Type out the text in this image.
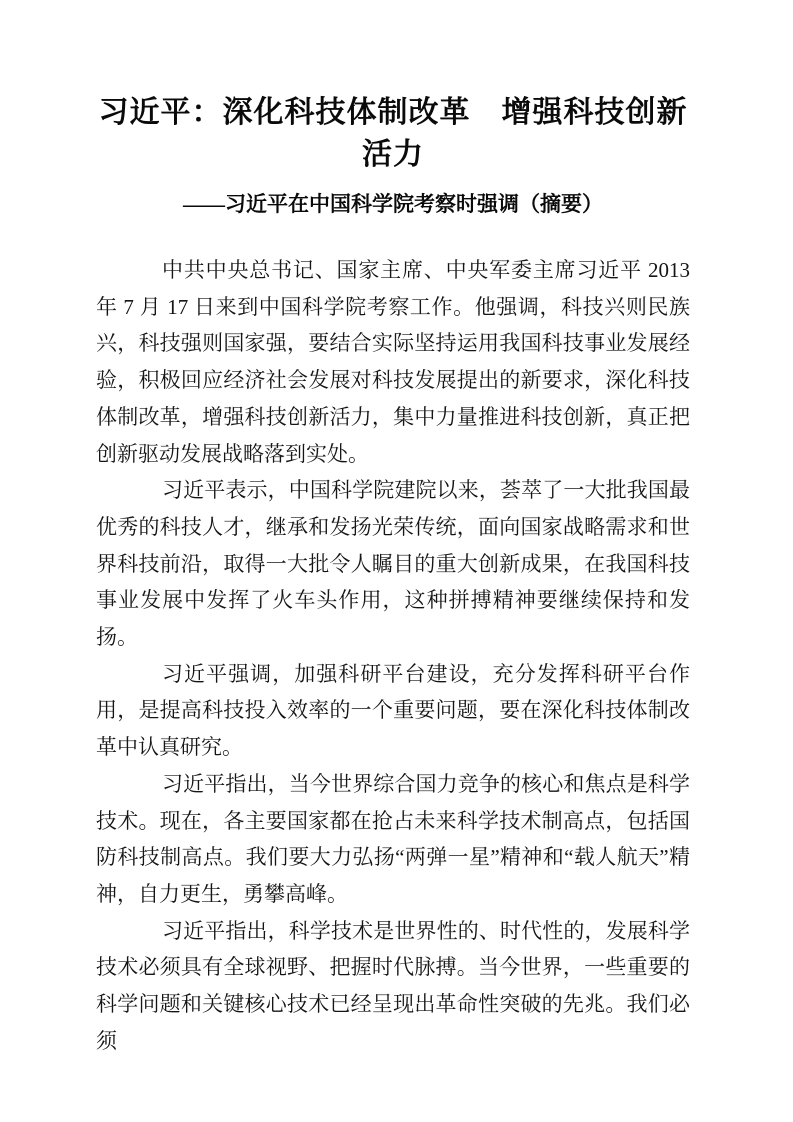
习近平：深化科技体制改革　增强科技创新活力
——习近平在中国科学院考察时强调（摘要）

中共中央总书记、国家主席、中央军委主席习近平 2013 年 7 月 17 日来到中国科学院考察工作。他强调，科技兴则民族兴，科技强则国家强，要结合实际坚持运用我国科技事业发展经验，积极回应经济社会发展对科技发展提出的新要求，深化科技体制改革，增强科技创新活力，集中力量推进科技创新，真正把创新驱动发展战略落到实处。

习近平表示，中国科学院建院以来，荟萃了一大批我国最优秀的科技人才，继承和发扬光荣传统，面向国家战略需求和世界科技前沿，取得一大批令人瞩目的重大创新成果，在我国科技事业发展中发挥了火车头作用，这种拼搏精神要继续保持和发扬。

习近平强调，加强科研平台建设，充分发挥科研平台作用，是提高科技投入效率的一个重要问题，要在深化科技体制改革中认真研究。

习近平指出，当今世界综合国力竞争的核心和焦点是科学技术。现在，各主要国家都在抢占未来科学技术制高点，包括国防科技制高点。我们要大力弘扬“两弹一星”精神和“载人航天”精神，自力更生，勇攀高峰。

习近平指出，科学技术是世界性的、时代性的，发展科学技术必须具有全球视野、把握时代脉搏。当今世界，一些重要的科学问题和关键核心技术已经呈现出革命性突破的先兆。我们必须
